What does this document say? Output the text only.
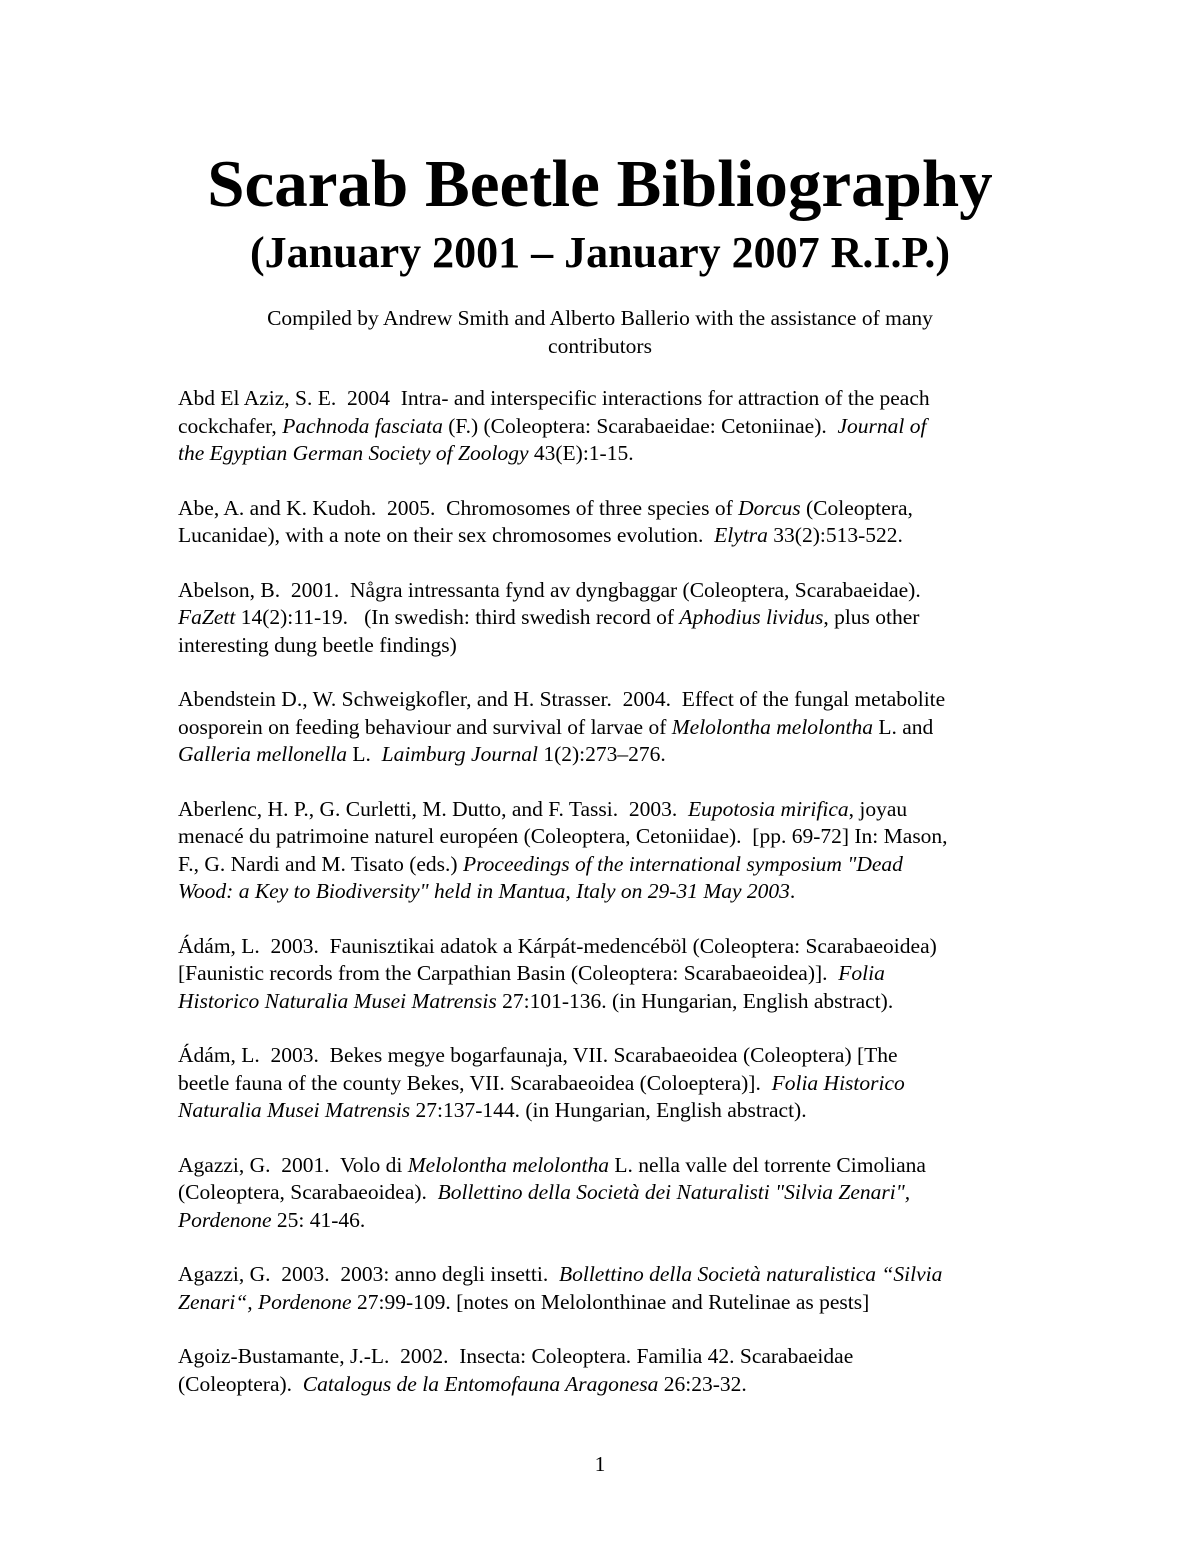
Scarab Beetle Bibliography
(January 2001 – January 2007 R.I.P.)

Compiled by Andrew Smith and Alberto Ballerio with the assistance of many
contributors

Abd El Aziz, S. E.  2004  Intra- and interspecific interactions for attraction of the peach
cockchafer, Pachnoda fasciata (F.) (Coleoptera: Scarabaeidae: Cetoniinae).  Journal of
the Egyptian German Society of Zoology 43(E):1-15.
Abe, A. and K. Kudoh.  2005.  Chromosomes of three species of Dorcus (Coleoptera,
Lucanidae), with a note on their sex chromosomes evolution.  Elytra 33(2):513-522.
Abelson, B.  2001.  Några intressanta fynd av dyngbaggar (Coleoptera, Scarabaeidae).
FaZett 14(2):11-19.   (In swedish: third swedish record of Aphodius lividus, plus other
interesting dung beetle findings)
Abendstein D., W. Schweigkofler, and H. Strasser.  2004.  Effect of the fungal metabolite
oosporein on feeding behaviour and survival of larvae of Melolontha melolontha L. and
Galleria mellonella L.  Laimburg Journal 1(2):273–276.
Aberlenc, H. P., G. Curletti, M. Dutto, and F. Tassi.  2003.  Eupotosia mirifica, joyau
menacé du patrimoine naturel européen (Coleoptera, Cetoniidae).  [pp. 69-72] In: Mason,
F., G. Nardi and M. Tisato (eds.) Proceedings of the international symposium "Dead
Wood: a Key to Biodiversity" held in Mantua, Italy on 29-31 May 2003.
Ádám, L.  2003.  Faunisztikai adatok a Kárpát-medencéböl (Coleoptera: Scarabaeoidea)
[Faunistic records from the Carpathian Basin (Coleoptera: Scarabaeoidea)].  Folia
Historico Naturalia Musei Matrensis 27:101-136. (in Hungarian, English abstract).
Ádám, L.  2003.  Bekes megye bogarfaunaja, VII. Scarabaeoidea (Coleoptera) [The
beetle fauna of the county Bekes, VII. Scarabaeoidea (Coloeptera)].  Folia Historico
Naturalia Musei Matrensis 27:137-144. (in Hungarian, English abstract).
Agazzi, G.  2001.  Volo di Melolontha melolontha L. nella valle del torrente Cimoliana
(Coleoptera, Scarabaeoidea).  Bollettino della Società dei Naturalisti "Silvia Zenari",
Pordenone 25: 41-46.
Agazzi, G.  2003.  2003: anno degli insetti.  Bollettino della Società naturalistica “Silvia
Zenari“, Pordenone 27:99-109. [notes on Melolonthinae and Rutelinae as pests]
Agoiz-Bustamante, J.-L.  2002.  Insecta: Coleoptera. Familia 42. Scarabaeidae
(Coleoptera).  Catalogus de la Entomofauna Aragonesa 26:23-32.
1
